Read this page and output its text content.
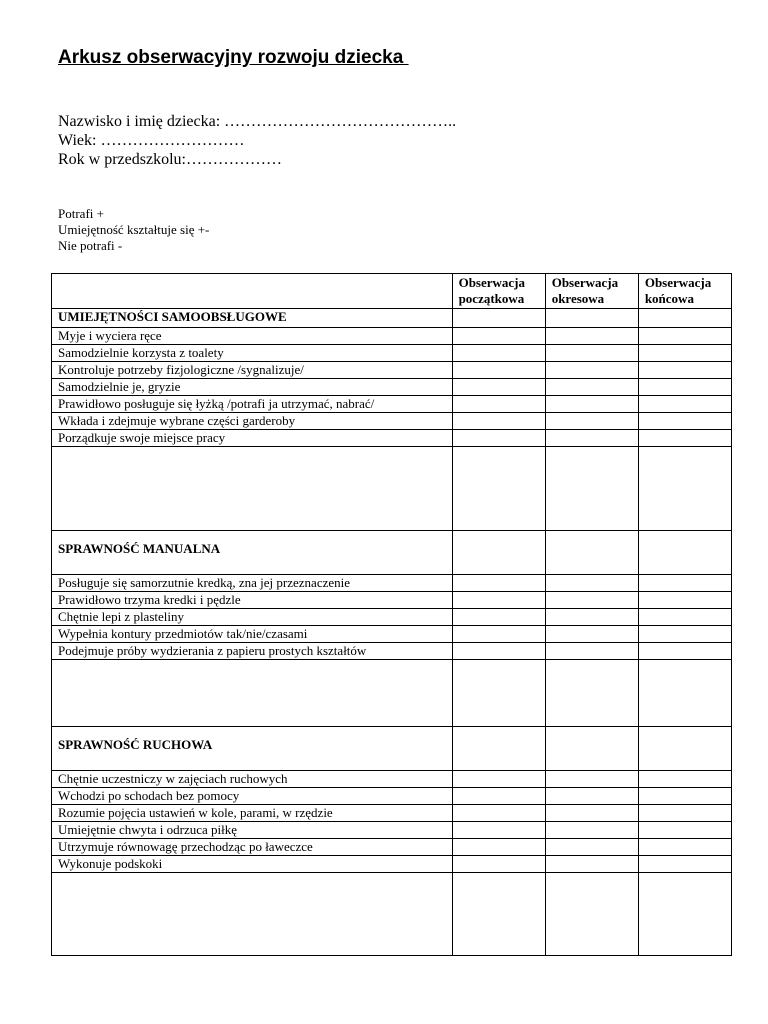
Arkusz obserwacyjny rozwoju dziecka
Nazwisko i imię dziecka: ……………………………………..
Wiek: ………………………
Rok w przedszkolu:………………
Potrafi +
Umiejętność kształtuje się +-
Nie potrafi -
	Obserwacja początkowa	Obserwacja okresowa	Obserwacja końcowa
UMIEJĘTNOŚCI SAMOOBSŁUGOWE			
Myje i wyciera ręce			
Samodzielnie korzysta z toalety			
Kontroluje potrzeby fizjologiczne /sygnalizuje/			
Samodzielnie je, gryzie			
Prawidłowo posługuje się łyżką /potrafi ja utrzymać, nabrać/			
Wkłada i zdejmuje wybrane części garderoby			
Porządkuje swoje miejsce pracy			

SPRAWNOŚĆ MANUALNA			
Posługuje się samorzutnie kredką, zna jej przeznaczenie			
Prawidłowo trzyma kredki i pędzle			
Chętnie lepi z plasteliny			
Wypełnia kontury przedmiotów tak/nie/czasami			
Podejmuje próby wydzierania z papieru prostych kształtów			

SPRAWNOŚĆ RUCHOWA			
Chętnie uczestniczy w zajęciach ruchowych			
Wchodzi po schodach bez pomocy			
Rozumie pojęcia ustawień w kole, parami, w rzędzie			
Umiejętnie chwyta i odrzuca piłkę			
Utrzymuje równowagę przechodząc po ławeczce			
Wykonuje podskoki			
